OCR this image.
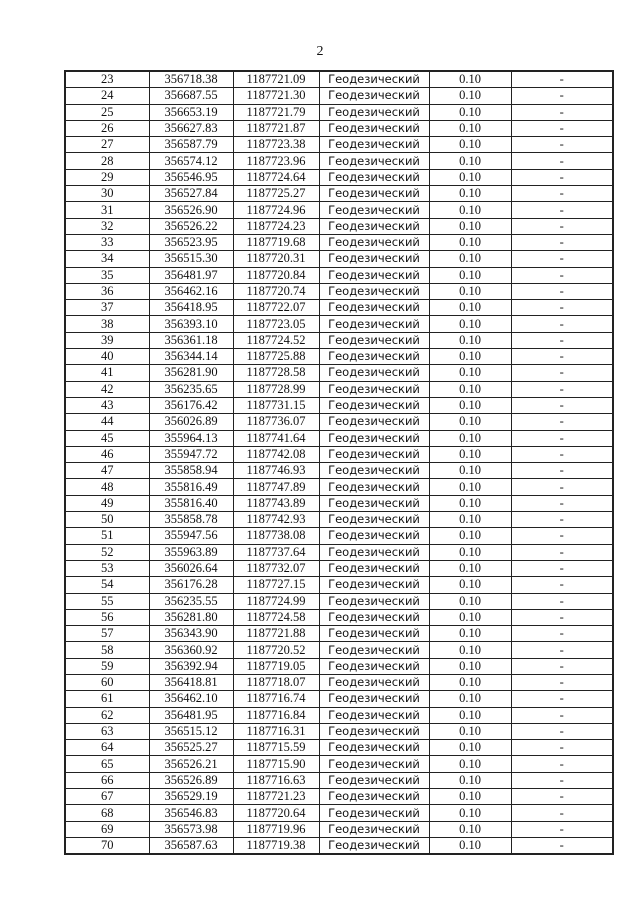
2
23	356718.38	1187721.09	Геодезический	0.10	-
24	356687.55	1187721.30	Геодезический	0.10	-
25	356653.19	1187721.79	Геодезический	0.10	-
26	356627.83	1187721.87	Геодезический	0.10	-
27	356587.79	1187723.38	Геодезический	0.10	-
28	356574.12	1187723.96	Геодезический	0.10	-
29	356546.95	1187724.64	Геодезический	0.10	-
30	356527.84	1187725.27	Геодезический	0.10	-
31	356526.90	1187724.96	Геодезический	0.10	-
32	356526.22	1187724.23	Геодезический	0.10	-
33	356523.95	1187719.68	Геодезический	0.10	-
34	356515.30	1187720.31	Геодезический	0.10	-
35	356481.97	1187720.84	Геодезический	0.10	-
36	356462.16	1187720.74	Геодезический	0.10	-
37	356418.95	1187722.07	Геодезический	0.10	-
38	356393.10	1187723.05	Геодезический	0.10	-
39	356361.18	1187724.52	Геодезический	0.10	-
40	356344.14	1187725.88	Геодезический	0.10	-
41	356281.90	1187728.58	Геодезический	0.10	-
42	356235.65	1187728.99	Геодезический	0.10	-
43	356176.42	1187731.15	Геодезический	0.10	-
44	356026.89	1187736.07	Геодезический	0.10	-
45	355964.13	1187741.64	Геодезический	0.10	-
46	355947.72	1187742.08	Геодезический	0.10	-
47	355858.94	1187746.93	Геодезический	0.10	-
48	355816.49	1187747.89	Геодезический	0.10	-
49	355816.40	1187743.89	Геодезический	0.10	-
50	355858.78	1187742.93	Геодезический	0.10	-
51	355947.56	1187738.08	Геодезический	0.10	-
52	355963.89	1187737.64	Геодезический	0.10	-
53	356026.64	1187732.07	Геодезический	0.10	-
54	356176.28	1187727.15	Геодезический	0.10	-
55	356235.55	1187724.99	Геодезический	0.10	-
56	356281.80	1187724.58	Геодезический	0.10	-
57	356343.90	1187721.88	Геодезический	0.10	-
58	356360.92	1187720.52	Геодезический	0.10	-
59	356392.94	1187719.05	Геодезический	0.10	-
60	356418.81	1187718.07	Геодезический	0.10	-
61	356462.10	1187716.74	Геодезический	0.10	-
62	356481.95	1187716.84	Геодезический	0.10	-
63	356515.12	1187716.31	Геодезический	0.10	-
64	356525.27	1187715.59	Геодезический	0.10	-
65	356526.21	1187715.90	Геодезический	0.10	-
66	356526.89	1187716.63	Геодезический	0.10	-
67	356529.19	1187721.23	Геодезический	0.10	-
68	356546.83	1187720.64	Геодезический	0.10	-
69	356573.98	1187719.96	Геодезический	0.10	-
70	356587.63	1187719.38	Геодезический	0.10	-
